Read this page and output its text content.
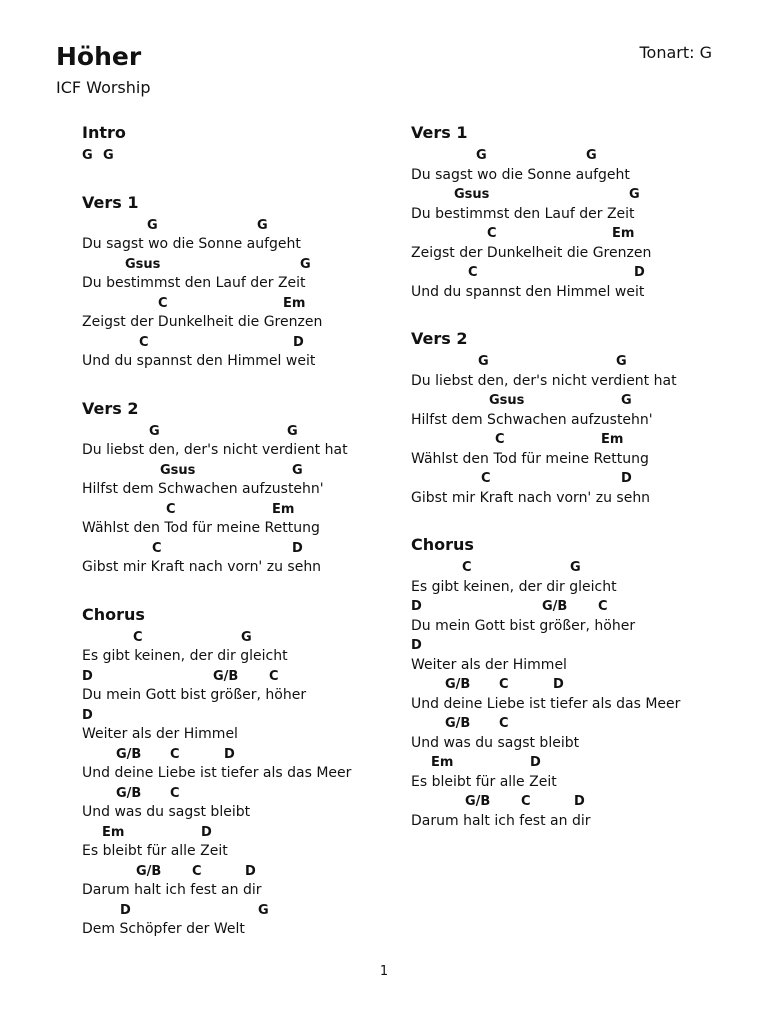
Höher
ICF Worship
Tonart: G
Intro
G G
Vers 1
G	G
Du sagst wo die Sonne aufgeht
Gsus	G
Du bestimmst den Lauf der Zeit
C	Em
Zeigst der Dunkelheit die Grenzen
C	D
Und du spannst den Himmel weit
Vers 2
G	G
Du liebst den, der's nicht verdient hat
Gsus	G
Hilfst dem Schwachen aufzustehn'
C	Em
Wählst den Tod für meine Rettung
C	D
Gibst mir Kraft nach vorn' zu sehn
Chorus
C	G
Es gibt keinen, der dir gleicht
D	G/B C
Du mein Gott bist größer, höher
D
Weiter als der Himmel
G/B C	D
Und deine Liebe ist tiefer als das Meer
G/B C
Und was du sagst bleibt
Em	D
Es bleibt für alle Zeit
G/B C	D
Darum halt ich fest an dir
D	G
Dem Schöpfer der Welt
Vers 1
G	G
Du sagst wo die Sonne aufgeht
Gsus	G
Du bestimmst den Lauf der Zeit
C	Em
Zeigst der Dunkelheit die Grenzen
C	D
Und du spannst den Himmel weit
Vers 2
G	G
Du liebst den, der's nicht verdient hat
Gsus	G
Hilfst dem Schwachen aufzustehn'
C	Em
Wählst den Tod für meine Rettung
C	D
Gibst mir Kraft nach vorn' zu sehn
Chorus
C	G
Es gibt keinen, der dir gleicht
D	G/B C
Du mein Gott bist größer, höher
D
Weiter als der Himmel
G/B C	D
Und deine Liebe ist tiefer als das Meer
G/B C
Und was du sagst bleibt
Em	D
Es bleibt für alle Zeit
G/B C	D
Darum halt ich fest an dir
1
